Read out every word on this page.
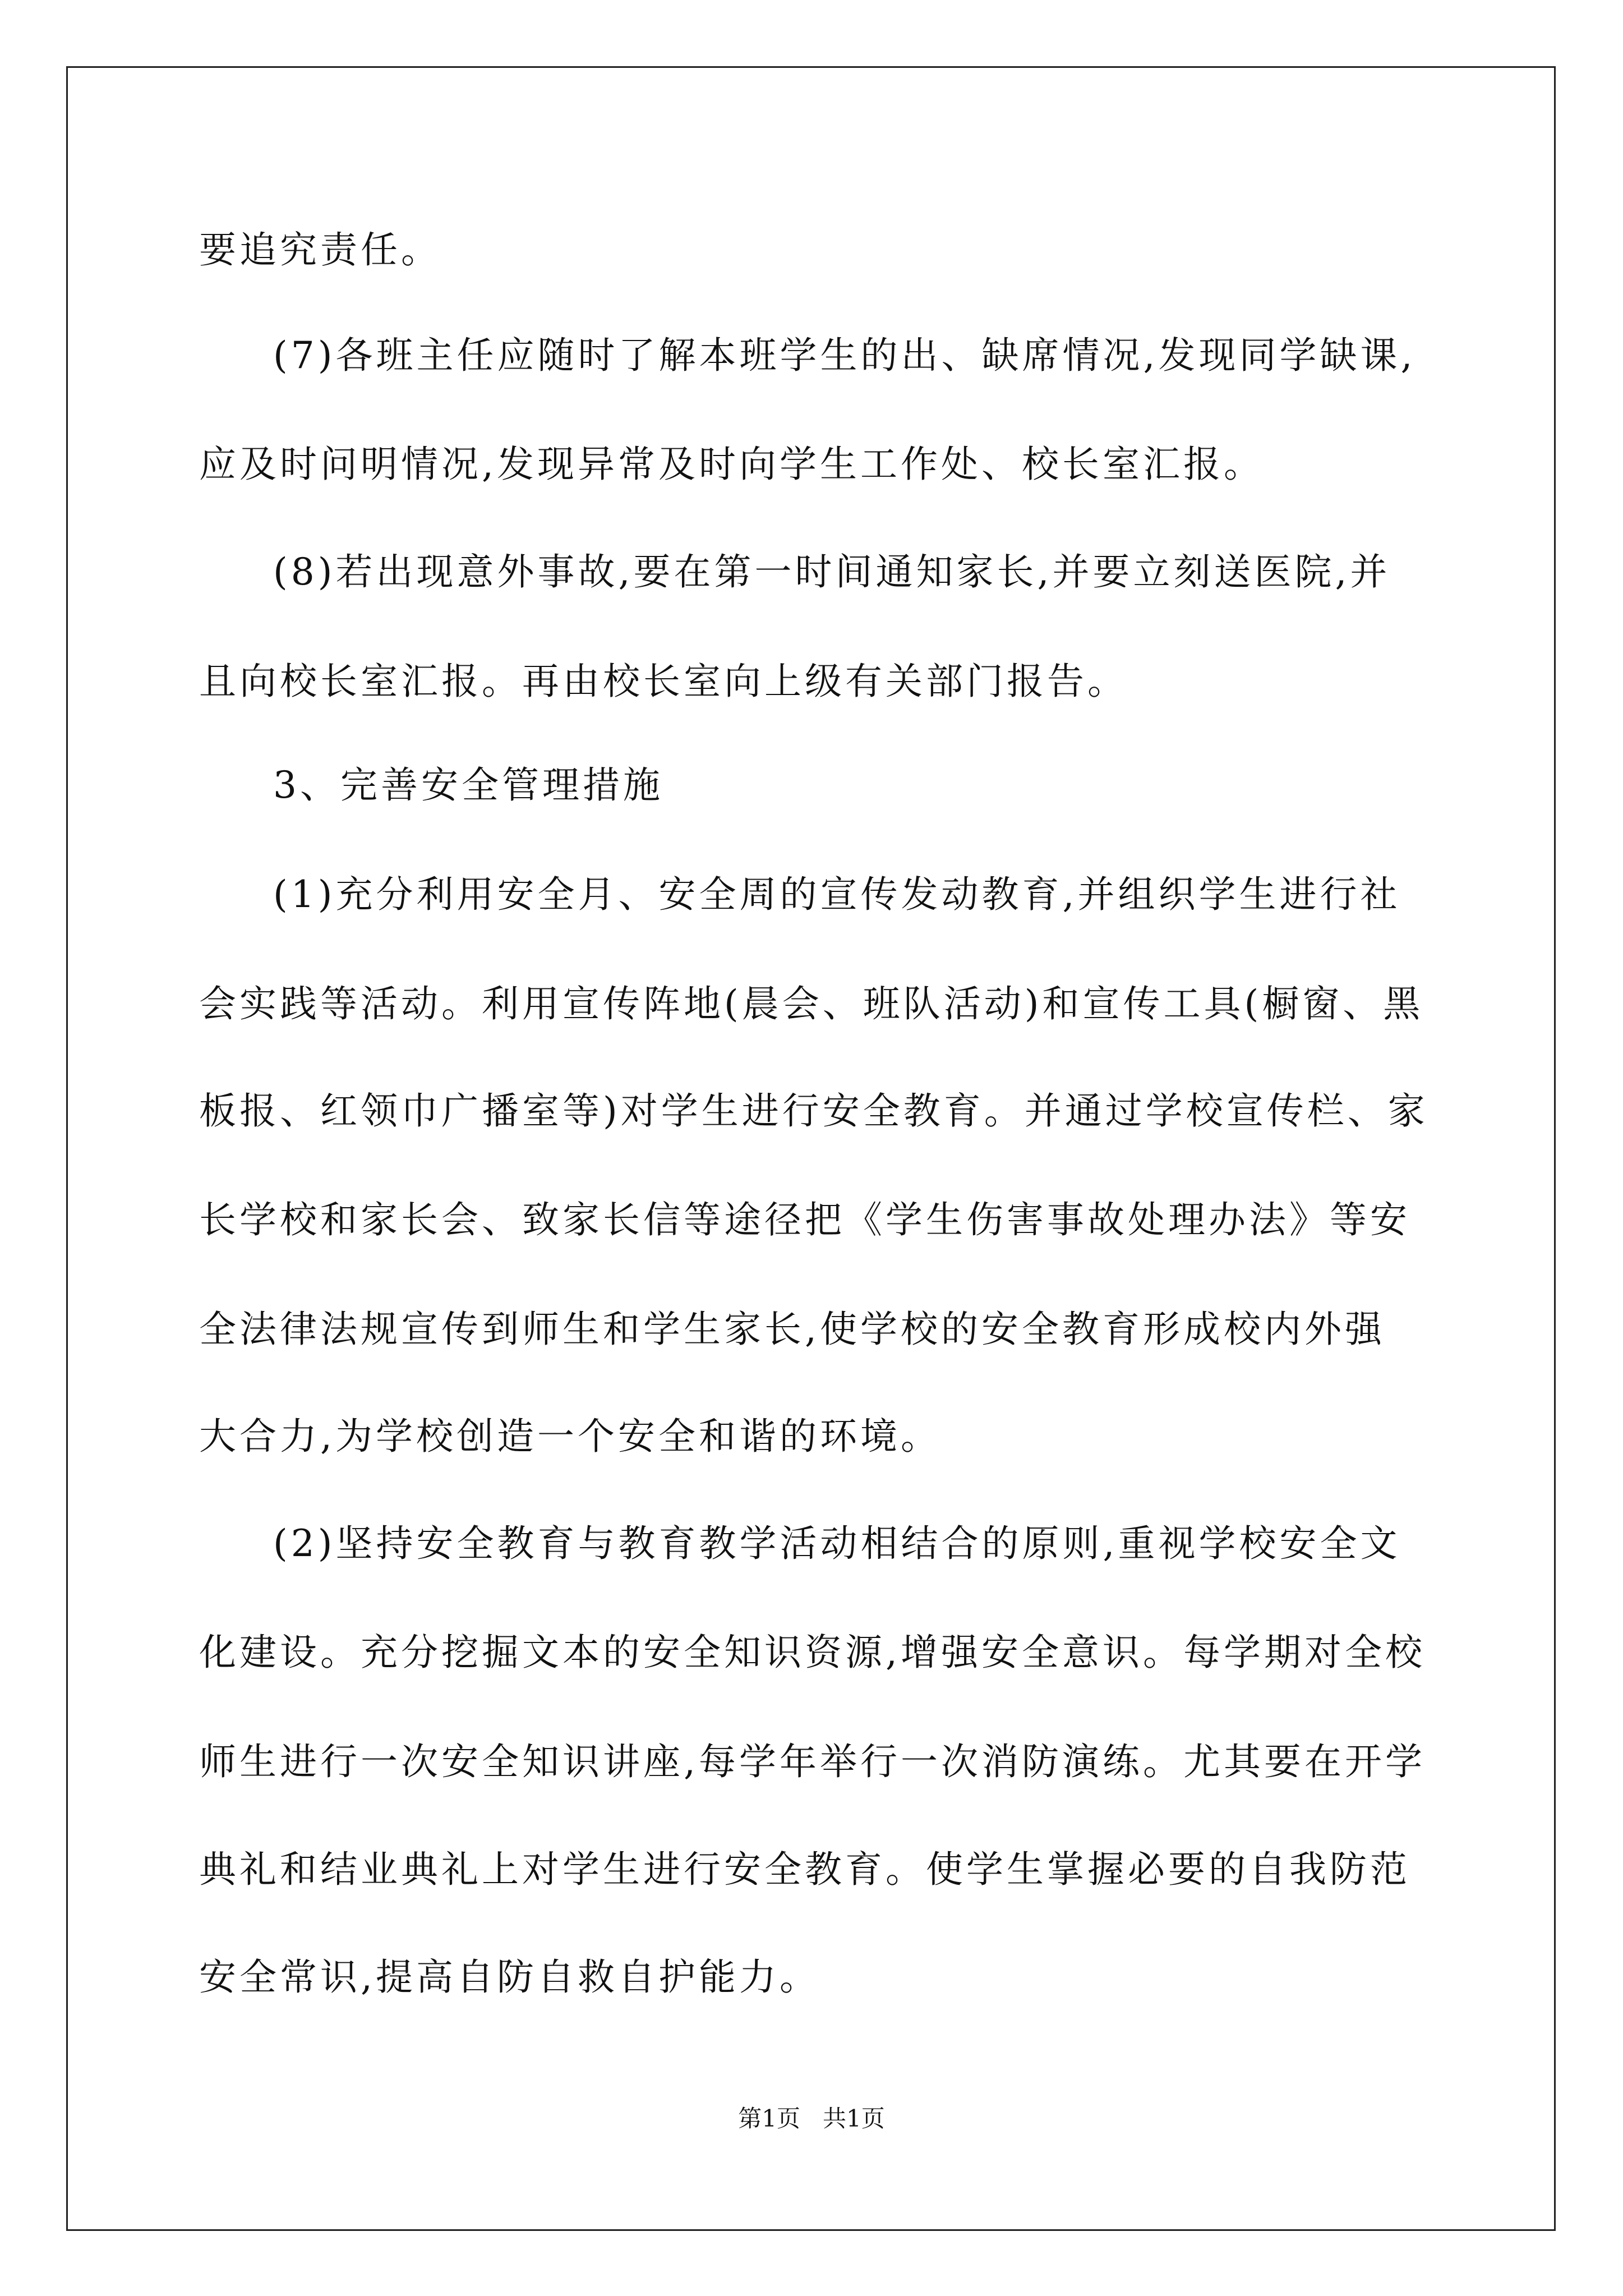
要追究责任。
(7)各班主任应随时了解本班学生的出、缺席情况,发现同学缺课,
应及时问明情况,发现异常及时向学生工作处、校长室汇报。
(8)若出现意外事故,要在第一时间通知家长,并要立刻送医院,并
且向校长室汇报。再由校长室向上级有关部门报告。
3、完善安全管理措施
(1)充分利用安全月、安全周的宣传发动教育,并组织学生进行社
会实践等活动。利用宣传阵地(晨会、班队活动)和宣传工具(橱窗、黑
板报、红领巾广播室等)对学生进行安全教育。并通过学校宣传栏、家
长学校和家长会、致家长信等途径把《学生伤害事故处理办法》等安
全法律法规宣传到师生和学生家长,使学校的安全教育形成校内外强
大合力,为学校创造一个安全和谐的环境。
(2)坚持安全教育与教育教学活动相结合的原则,重视学校安全文
化建设。充分挖掘文本的安全知识资源,增强安全意识。每学期对全校
师生进行一次安全知识讲座,每学年举行一次消防演练。尤其要在开学
典礼和结业典礼上对学生进行安全教育。使学生掌握必要的自我防范
安全常识,提高自防自救自护能力。
第1页   共1页
